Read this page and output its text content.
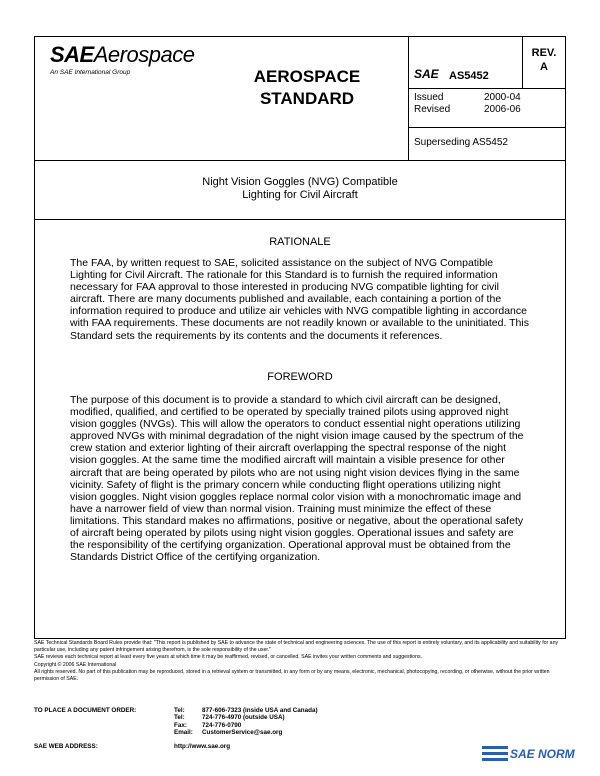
SAEAerospace
An SAE International Group	AEROSPACE
STANDARD
SAE AS5452
REV.
A
Issued	2000-04
Revised	2006-06
Superseding AS5452
Night Vision Goggles (NVG) Compatible
Lighting for Civil Aircraft
RATIONALE
The FAA, by written request to SAE, solicited assistance on the subject of NVG Compatible Lighting for Civil Aircraft. The rationale for this Standard is to furnish the required information necessary for FAA approval to those interested in producing NVG compatible lighting for civil aircraft. There are many documents published and available, each containing a portion of the information required to produce and utilize air vehicles with NVG compatible lighting in accordance with FAA requirements. These documents are not readily known or available to the uninitiated. This Standard sets the requirements by its contents and the documents it references.
FOREWORD
The purpose of this document is to provide a standard to which civil aircraft can be designed, modified, qualified, and certified to be operated by specially trained pilots using approved night vision goggles (NVGs). This will allow the operators to conduct essential night operations utilizing approved NVGs with minimal degradation of the night vision image caused by the spectrum of the crew station and exterior lighting of their aircraft overlapping the spectral response of the night vision goggles. At the same time the modified aircraft will maintain a visible presence for other aircraft that are being operated by pilots who are not using night vision devices flying in the same vicinity. Safety of flight is the primary concern while conducting flight operations utilizing night vision goggles. Night vision goggles replace normal color vision with a monochromatic image and have a narrower field of view than normal vision. Training must minimize the effect of these limitations. This standard makes no affirmations, positive or negative, about the operational safety of aircraft being operated by pilots using night vision goggles. Operational issues and safety are the responsibility of the certifying organization. Operational approval must be obtained from the Standards District Office of the certifying organization.

SAE Technical Standards Board Rules provide that: "This report is published by SAE to advance the state of technical and engineering sciences. The use of this report is entirely voluntary, and its applicability and suitability for any particular use, including any patent infringement arising therefrom, is the sole responsibility of the user."

SAE reviews each technical report at least every five years at which time it may be reaffirmed, revised, or cancelled. SAE invites your written comments and suggestions.

Copyright © 2006 SAE International

All rights reserved. No part of this publication may be reproduced, stored in a retrieval system or transmitted, in any form or by any means, electronic, mechanical, photocopying, recording, or otherwise, without the prior written permission of SAE.

TO PLACE A DOCUMENT ORDER:	Tel:	877-606-7323 (inside USA and Canada)
Tel:	724-776-4970 (outside USA)
Fax: 724-776-0790
Email: CustomerService@sae.org
SAE WEB ADDRESS:	http://www.sae.org
SAE NORM
